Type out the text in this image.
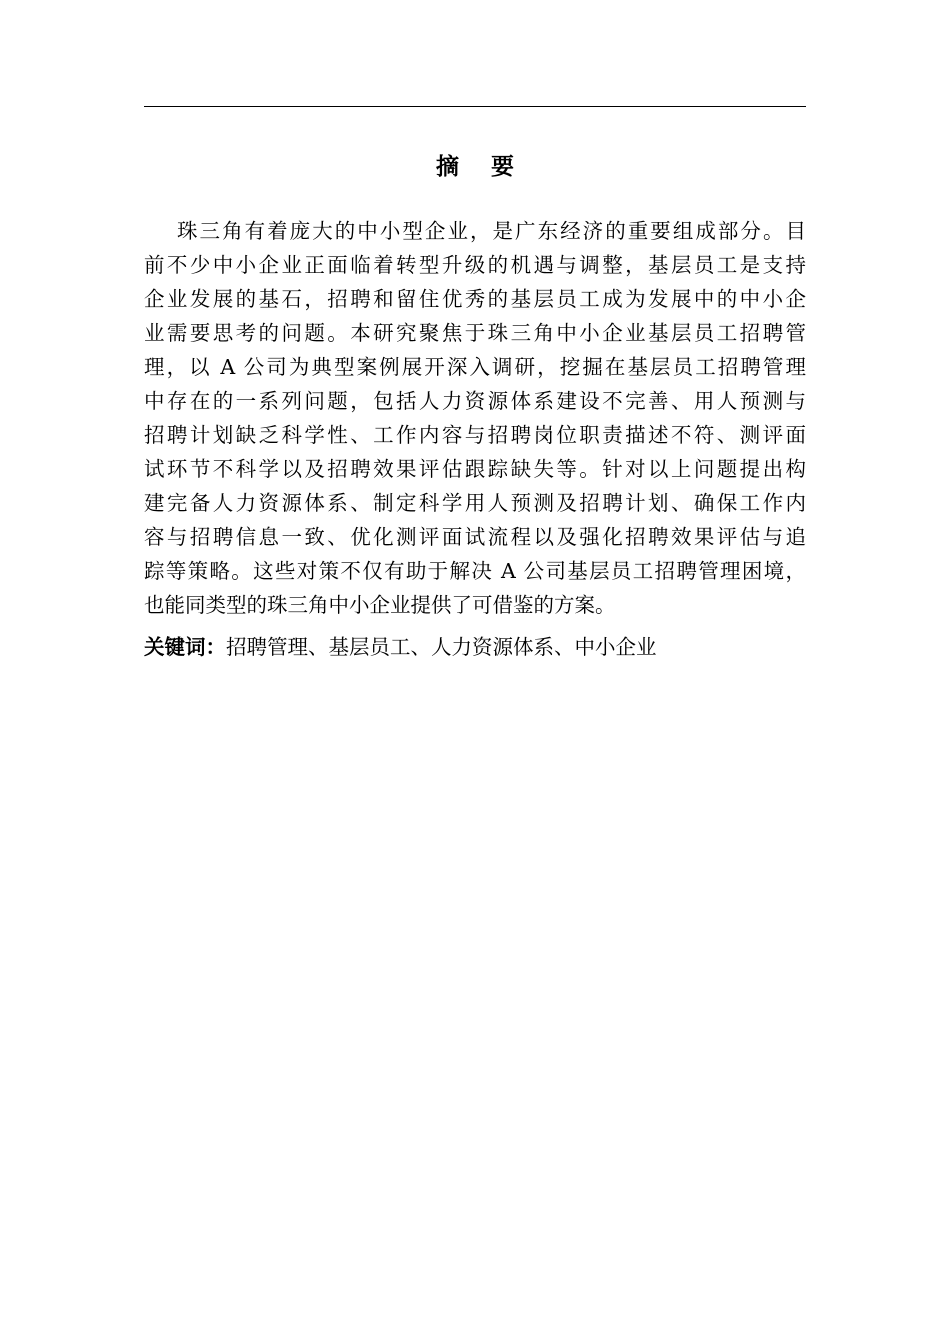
摘 要
珠三角有着庞大的中小型企业，是广东经济的重要组成部分。目
前不少中小企业正面临着转型升级的机遇与调整，基层员工是支持
企业发展的基石，招聘和留住优秀的基层员工成为发展中的中小企
业需要思考的问题。本研究聚焦于珠三角中小企业基层员工招聘管
理，以 A 公司为典型案例展开深入调研，挖掘在基层员工招聘管理
中存在的一系列问题，包括人力资源体系建设不完善、用人预测与
招聘计划缺乏科学性、工作内容与招聘岗位职责描述不符、测评面
试环节不科学以及招聘效果评估跟踪缺失等。针对以上问题提出构
建完备人力资源体系、制定科学用人预测及招聘计划、确保工作内
容与招聘信息一致、优化测评面试流程以及强化招聘效果评估与追
踪等策略。这些对策不仅有助于解决 A 公司基层员工招聘管理困境，
也能同类型的珠三角中小企业提供了可借鉴的方案。
关键词：招聘管理、基层员工、人力资源体系、中小企业
